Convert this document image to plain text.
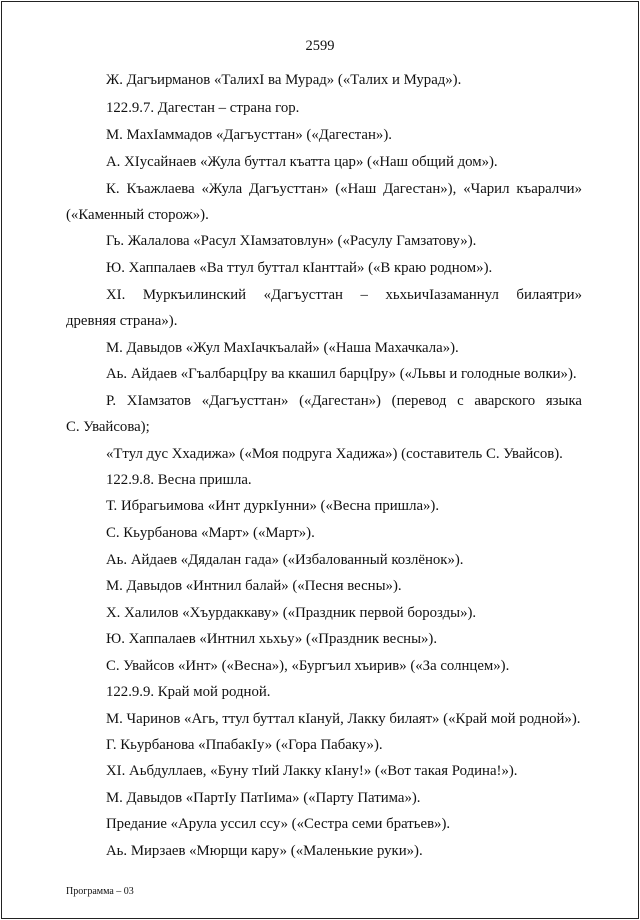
2599
Ж. Дагъирманов «ТалихI ва Мурад» («Талих и Мурад»).
122.9.7. Дагестан – страна гор.
М. МахIаммадов «Дагъусттан» («Дагестан»).
А. ХIусайнаев «Жула буттал къатта цар» («Наш общий дом»).
К. Къажлаева «Жула Дагъусттан» («Наш Дагестан»), «Чарил къаралчи»
(«Каменный сторож»).
Гь. Жалалова «Расул ХIамзатовлун» («Расулу Гамзатову»).
Ю. Хаппалаев «Ва ттул буттал кIанттай» («В краю родном»).
ХI. Муркъилинский «Дагъусттан – хьхьичIазаманнул билаятри»
древняя страна»).
М. Давыдов «Жул МахIачкъалай» («Наша Махачкала»).
Аь. Айдаев «ГъалбарцIру ва ккашил барцIру» («Львы и голодные волки»).
Р. ХIамзатов «Дагъусттан» («Дагестан») (перевод с аварского языка
С. Увайсова);
«Ттул дус Ххадижа» («Моя подруга Хадижа») (составитель С. Увайсов).
122.9.8. Весна пришла.
Т. Ибрагьимова «Инт дуркIунни» («Весна пришла»).
С. Кьурбанова «Март» («Март»).
Аь. Айдаев «Дядалан гада» («Избалованный козлёнок»).
М. Давыдов «Интнил балай» («Песня весны»).
Х. Халилов «Хъурдаккаву» («Праздник первой борозды»).
Ю. Хаппалаев «Интнил хьхьу» («Праздник весны»).
С. Увайсов «Инт» («Весна»), «Бургъил хъирив» («За солнцем»).
122.9.9. Край мой родной.
М. Чаринов «Агь, ттул буттал кIануй, Лакку билаят» («Край мой родной»).
Г. Кьурбанова «ПпабакIу» («Гора Пабаку»).
ХI. Аьбдуллаев, «Буну тIий Лакку кIану!» («Вот такая Родина!»).
М. Давыдов «ПартIу ПатIима» («Парту Патима»).
Предание «Арула уссил ссу» («Сестра семи братьев»).
Аь. Мирзаев «Мюрщи кару» («Маленькие руки»).
Программа – 03
